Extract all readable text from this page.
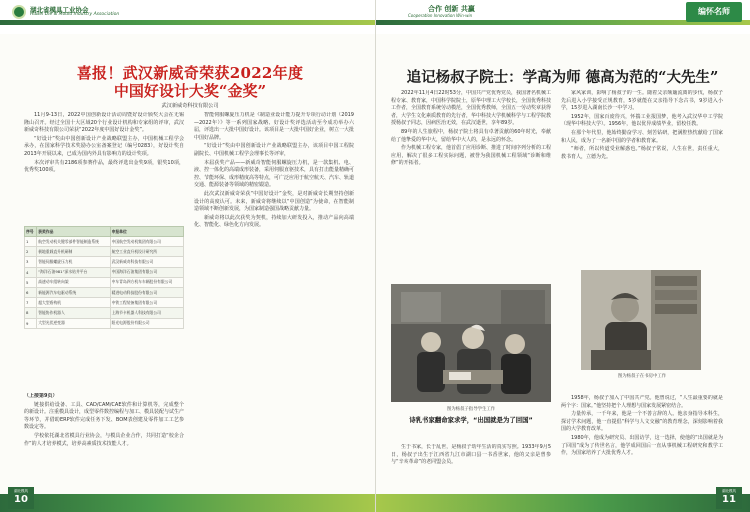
湖北省模具工业协会
HuBei Die & Mould Industry Association
湖北模具
10
编怀名师
湖北模具
11
合作 创新 共赢
Cooperation Innovation Win-win
喜报！武汉新威奇荣获2022年度
中国好设计大奖“金奖”
武汉新威奇科技有限公司

11月9-13日，2022中国创新设计活动周暨好设计颁奖大会在无锡隆山召开。经过全国十大区域20个行业设计机构和专家组的评审，武汉新威奇科技有限公司荣获“2022年度中国好设计金奖”。

“好设计”奖由中国创新设计产业战略联盟主办，中国机械工程学会承办，在国家科学技术奖励办公室备案登记（编号0283），好设计奖自2013年开展以来，已成为国内外具有影响力的设计奖项。

本次评审共有2186项参赛作品，最终评选出金奖9项，银奖10项，优秀奖100项。

序号	获奖作品	申报单位
1	航空发动机关键零部件智能制造系统	中国航空发动机集团有限公司
2	极地重载直升机研制	航空工业直升机设计研究所
3	智能伺服螺旋压力机	武汉新威奇科技有限公司
4	“海洋石油981”深水钻井平台	中国海洋石油集团有限公司
5	高速动车组转向架	中车青岛四方机车车辆股份有限公司
6	新能源汽车电驱动系统	精进电动科技股份有限公司
7	超大型盾构机	中铁工程装备集团有限公司
8	智能协作机器人	上海节卡机器人科技有限公司
9	大型光伏逆变器	阳光电源股份有限公司

（上接第9页）

链接供给设备、工具、CAD/CAM/CAE软件和计算机等，完成整个的新设计。注重模具设计，成型零件数控编程与加工、模具装配与试生产等环节，并借助ERP软件完成任务下发、BOM表创建及零件加工工艺参数设定等。

学校依托湖北省模具行业协会，与模具企业合作，共同打造“校企合作”的人才培养模式，培养高素质技术技能人才。

智能伺服螺旋压力机是《制造业设计能力提升专项行动计划（2019—2022年）》等一系列国家战略、好设计奖评选活动至今成功举办六届，评选出一大批中国好设计。该项目是一大批中国好企业，树立一大批中国好品牌。

“好设计”奖由中国创新设计产业战略联盟主办，该项目中国工程院副院长、中国机械工程学会理事长等评审，

本届获奖产品——新威奇智能伺服螺旋压力机，是一款集机、电、液、控一体化的高端成形装备，采用伺服直驱技术，具有打击能量精确可控、节能环保、成形精度高等特点，可广泛应用于航空航天、汽车、轨道交通、能源装备等领域的精密锻造。

此次武汉新威奇荣获“中国好设计”金奖，是对新威奇长期坚持创新设计的高度认可。未来，新威奇将继续以“中国创造”为使命，在智能制造领域不断创新发展，为国家制造强国战略贡献力量。

新威奇将以此次获奖为契机，持续加大研发投入，推动产品向高端化、智能化、绿色化方向发展。

追记杨叔子院士：学高为师 德高为范的“大先生”

2022年11月4日22时53分，中国共产党优秀党员，我国著名机械工程专家、教育家，中国科学院院士，原华中理工大学校长，全国优秀科技工作者，全国教育系统劳动模范，全国优秀教师，全国五一劳动奖章获得者，大学生文化素质教育的先行者，华中科技大学机械科学与工程学院教授杨叔子同志，因病医治无效，在武汉逝世，享年89岁。

89年的人生旅程中，杨叔子院士将具有卓著贡献的60年时光，奉献给了他挚爱的华中大，留给华中大人的，是永远的怀念。

作为机械工程专家，他首倡了应用诊断、推进了时间序列分析的工程应用，解决了很多工程实际问题，被誉为我国机械工程领域“诊断和维修”的开拓者。

图为杨叔子指导学生工作
诗乳书家翻命家求学，“出国就是为了回国”

生于书家，长于乱世，是杨叔子幼年生活的真实写照。1933年9月5日，杨叔子出生于江西省九江市湖口县一书香世家，他的父亲是曾参与“辛亥革命”的老同盟会员。

家风家训，影响了杨叔子的一生。随着父亲颠簸流离的步伐，杨叔子先后进入小学接受正规教育，5岁就能在父亲指导下念古书，9岁进入小学，15岁进入湖南长沙一中学习。

1952年，国家百废待兴，怀揣工业报国梦，他考入武汉华中工学院（现华中科技大学）。1956年，他以优异成绩毕业，留校任教。

在那个年代里，他始终勤奋学习、刻苦钻研，把满腔热忱献给了国家和人民，成为了一名新中国的学者和教育家。

“师者，所以传道受业解惑也。”杨叔子常说，人生在世，责任重大，教书育人，立德为先。

图为杨叔子在书房中工作

1958年，杨叔子加入了中国共产党。他曾说过，“人生最重要的就是两个字：国家。”他坚持把个人理想与国家发展紧密结合。

力量传承，一千年来，他是一个不善言辞的人。他亲身指导本科生，探讨学术问题，他一直提倡“科学与人文交融”的教育理念，深刻影响着我国的大学教育改革。

1980年，他成为研究员、出国访学，这一选择，使他的“出国就是为了回国”成为了传世名言，他学成回国后一直从事机械工程研究和教学工作，为国家培养了大批优秀人才。
